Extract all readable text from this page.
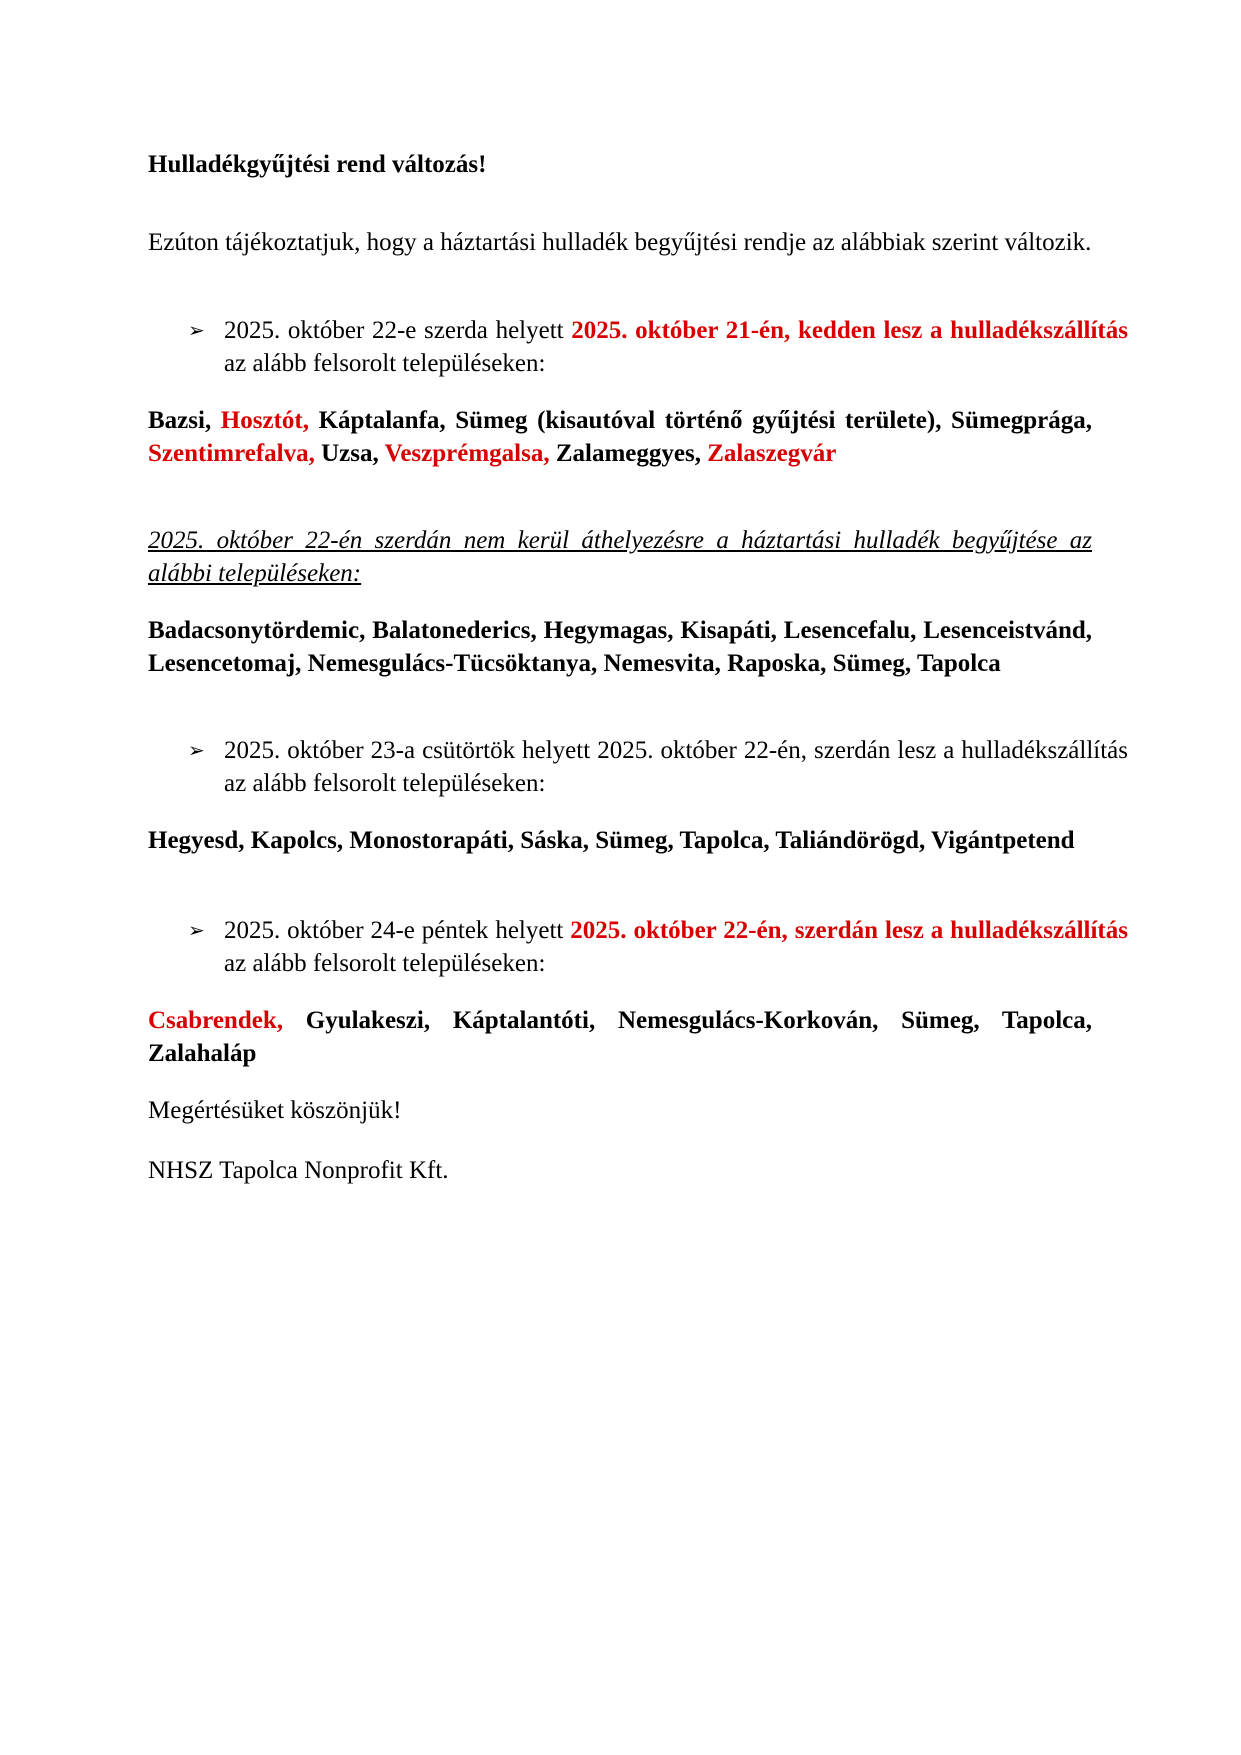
Hulladékgyűjtési rend változás!

Ezúton tájékoztatjuk, hogy a háztartási hulladék begyűjtési rendje az alábbiak szerint változik.

➢ 2025. október 22-e szerda helyett 2025. október 21-én, kedden lesz a hulladékszállítás az alább felsorolt településeken:

Bazsi, Hosztót, Káptalanfa, Sümeg (kisautóval történő gyűjtési területe), Sümegprága, Szentimrefalva, Uzsa, Veszprémgalsa, Zalameggyes, Zalaszegvár

2025. október 22-én szerdán nem kerül áthelyezésre a háztartási hulladék begyűjtése az alábbi településeken:

Badacsonytördemic, Balatonederics, Hegymagas, Kisapáti, Lesencefalu, Lesenceistvánd, Lesencetomaj, Nemesgulács-Tücsöktanya, Nemesvita, Raposka, Sümeg, Tapolca

➢ 2025. október 23-a csütörtök helyett 2025. október 22-én, szerdán lesz a hulladékszállítás az alább felsorolt településeken:

Hegyesd, Kapolcs, Monostorapáti, Sáska, Sümeg, Tapolca, Taliándörögd, Vigántpetend

➢ 2025. október 24-e péntek helyett 2025. október 22-én, szerdán lesz a hulladékszállítás az alább felsorolt településeken:

Csabrendek, Gyulakeszi, Káptalantóti, Nemesgulács-Korkován, Sümeg, Tapolca, Zalahaláp

Megértésüket köszönjük!

NHSZ Tapolca Nonprofit Kft.
